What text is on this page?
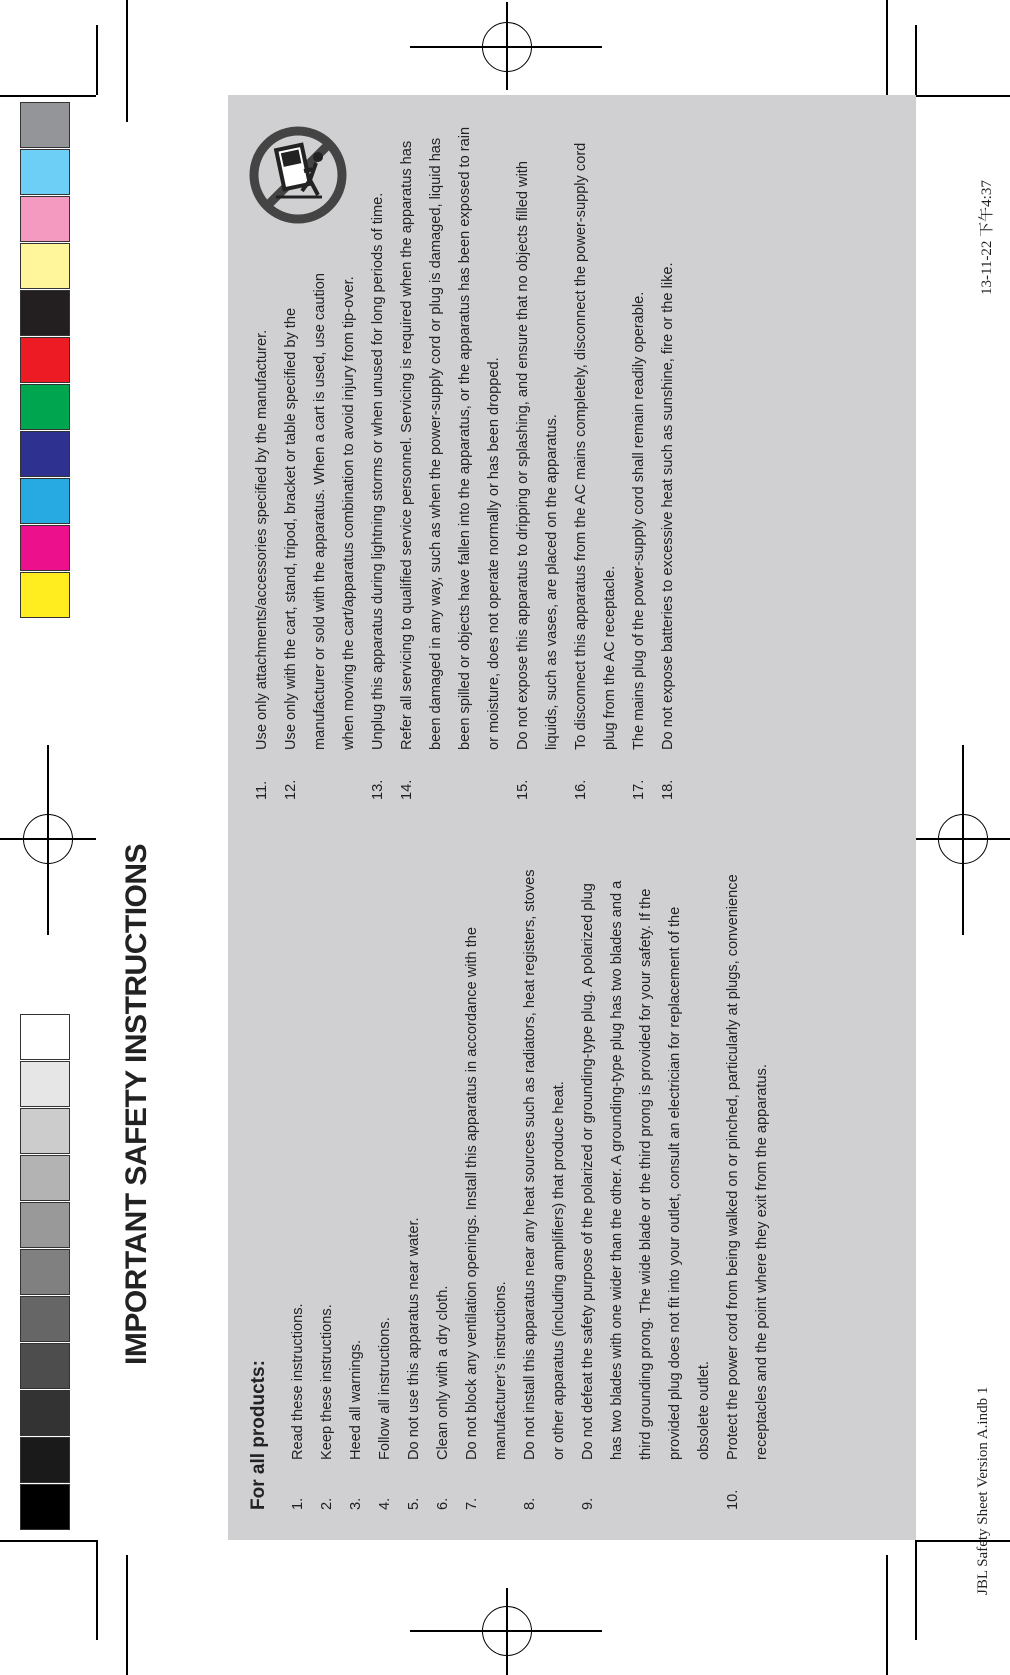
IMPORTANT SAFETY INSTRUCTIONS
For all products:	1.
Read these instructions.
2.
Keep these instructions.
3.
Heed all warnings.
4.
Follow all instructions.
5.
Do not use this apparatus near water.
6.
Clean only with a dry cloth.
7.
Do not block any ventilation openings. Install this apparatus in accordance with the manufacturer’s instructions.
8.
Do not install this apparatus near any heat sources such as radiators, heat registers, stoves or other apparatus (including amplifiers) that produce heat.
9.
Do not defeat the safety purpose of the polarized or grounding-type plug. A polarized plug has two blades with one wider than the other. A grounding-type plug has two blades and a third grounding prong. The wide blade or the third prong is provided for your safety. If the provided plug does not fit into your outlet, consult an electrician for replacement of the obsolete outlet.
10.
Protect the power cord from being walked on or pinched, particularly at plugs, convenience receptacles and the point where they exit from the apparatus.
11.
Use only attachments/accessories specified by the manufacturer.
12.
Use only with the cart, stand, tripod, bracket or table specified by the manufacturer or sold with the apparatus. When a cart is used, use caution when moving the cart/apparatus combination to avoid injury from tip-over.
13.
Unplug this apparatus during lightning storms or when unused for long periods of time.
14.
Refer all servicing to qualified service personnel. Servicing is required when the apparatus has been damaged in any way, such as when the power-supply cord or plug is damaged, liquid has been spilled or objects have fallen into the apparatus, or the apparatus has been exposed to rain or moisture, does not operate normally or has been dropped.
15.
Do not expose this apparatus to dripping or splashing, and ensure that no objects filled with liquids, such as vases, are placed on the apparatus.
16.
To disconnect this apparatus from the AC mains completely, disconnect the power-supply cord plug from the AC receptacle.
17.
The mains plug of the power-supply cord shall remain readily operable.
18.
Do not expose batteries to excessive heat such as sunshine, fire or the like.
JBL Safety Sheet Version A.indb 1
13-11-22 下午4:37
